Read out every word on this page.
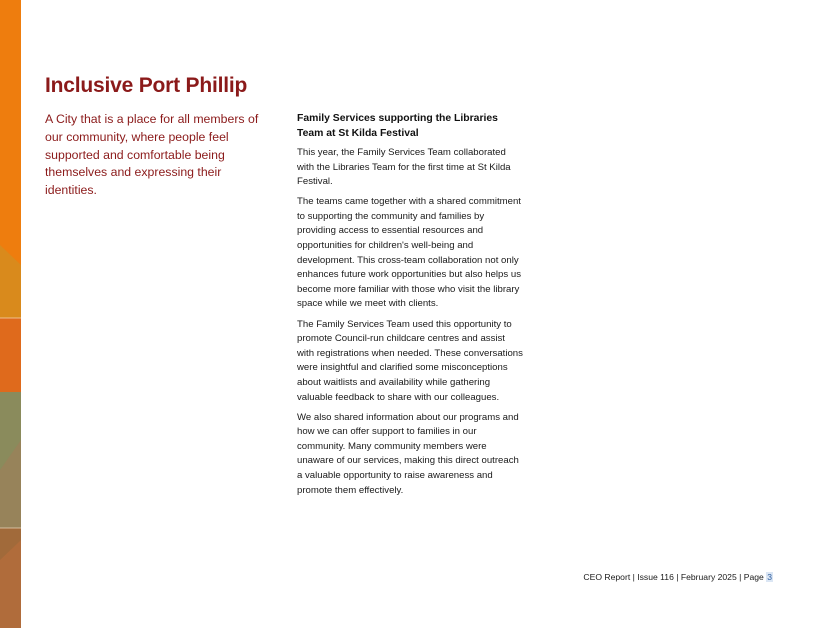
Inclusive Port Phillip

A City that is a place for all members of our community, where people feel supported and comfortable being themselves and expressing their identities.

Family Services supporting the Libraries Team at St Kilda Festival

This year, the Family Services Team collaborated with the Libraries Team for the first time at St Kilda Festival.

The teams came together with a shared commitment to supporting the community and families by providing access to essential resources and opportunities for children's well-being and development. This cross-team collaboration not only enhances future work opportunities but also helps us become more familiar with those who visit the library space while we meet with clients.

The Family Services Team used this opportunity to promote Council-run childcare centres and assist with registrations when needed. These conversations were insightful and clarified some misconceptions about waitlists and availability while gathering valuable feedback to share with our colleagues.

We also shared information about our programs and how we can offer support to families in our community. Many community members were unaware of our services, making this direct outreach a valuable opportunity to raise awareness and promote them effectively.

CEO Report | Issue 116 | February 2025 | Page 3
